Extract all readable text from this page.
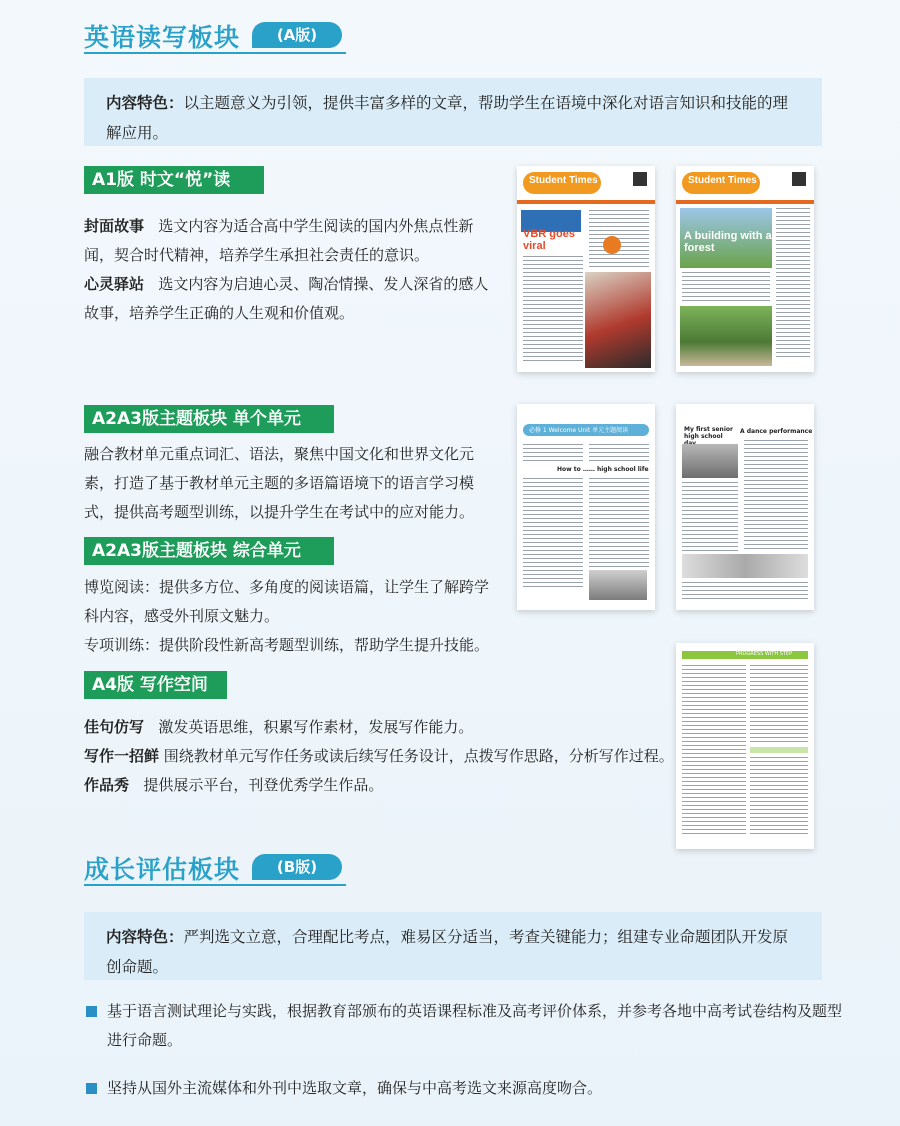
英语读写板块	(A版)
内容特色：以主题意义为引领，提供丰富多样的文章，帮助学生在语境中深化对语言知识和技能的理解应用。
A1版 时文“悦”读
封面故事 选文内容为适合高中学生阅读的国内外焦点性新闻，契合时代精神，培养学生承担社会责任的意识。
心灵驿站 选文内容为启迪心灵、陶冶情操、发人深省的感人故事，培养学生正确的人生观和价值观。
Student Times
VBR goes viral
Student Times
A building with a forest
A2A3版主题板块 单个单元
融合教材单元重点词汇、语法，聚焦中国文化和世界文化元素，打造了基于教材单元主题的多语篇语境下的语言学习模式，提供高考题型训练，以提升学生在考试中的应对能力。
A2A3版主题板块 综合单元
博览阅读：提供多方位、多角度的阅读语篇，让学生了解跨学科内容，感受外刊原文魅力。
专项训练：提供阶段性新高考题型训练，帮助学生提升技能。
必修 1 Welcome Unit 单元主题阅读
How to …… high school life
My first senior high school
A dance performance
A4版 写作空间
佳句仿写 激发英语思维，积累写作素材，发展写作能力。
写作一招鲜 围绕教材单元写作任务或读后续写任务设计，点拨写作思路，分析写作过程。
作品秀 提供展示平台，刊登优秀学生作品。
PROGRESS WITH STEP
成长评估板块	(B版)
内容特色：严判选文立意，合理配比考点，难易区分适当，考查关键能力；组建专业命题团队开发原创命题。
基于语言测试理论与实践，根据教育部颁布的英语课程标准及高考评价体系，并参考各地中高考试卷结构及题型进行命题。
坚持从国外主流媒体和外刊中选取文章，确保与中高考选文来源高度吻合。
